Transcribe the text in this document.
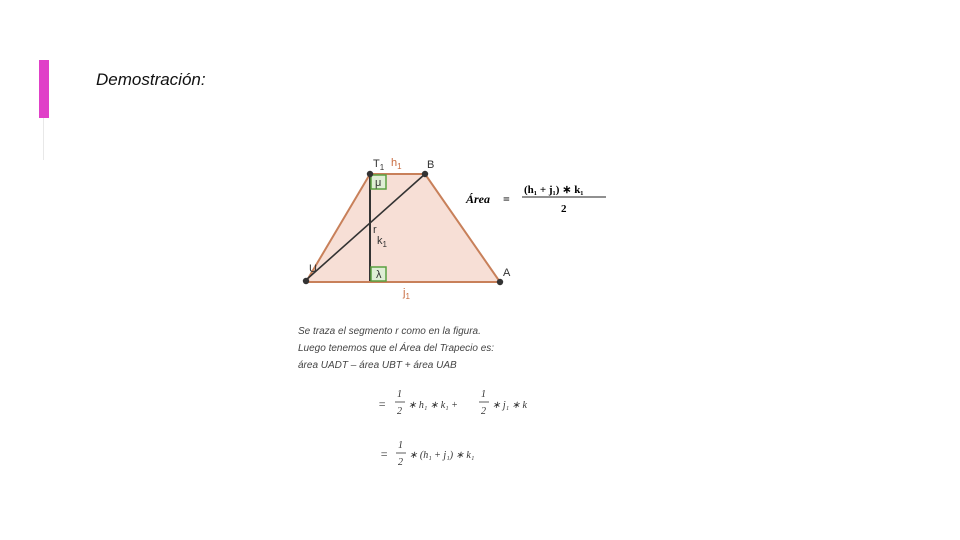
Demostración:
$T_1$ $h_1$ B
U	A
r
$k_1$
$j_1$
μ
λ
Área =
(h₁ + j₁) ∗ k₁
2
=
1
2
∗ h₁ ∗ k₁ +
1
2
∗ j₁ ∗ k
=
1
2
∗ (h₁ + j₁) ∗ k₁
Se traza el segmento r como en la figura.
Luego tenemos que el Área del Trapecio es:
área UADT – área UBT + área UAB
